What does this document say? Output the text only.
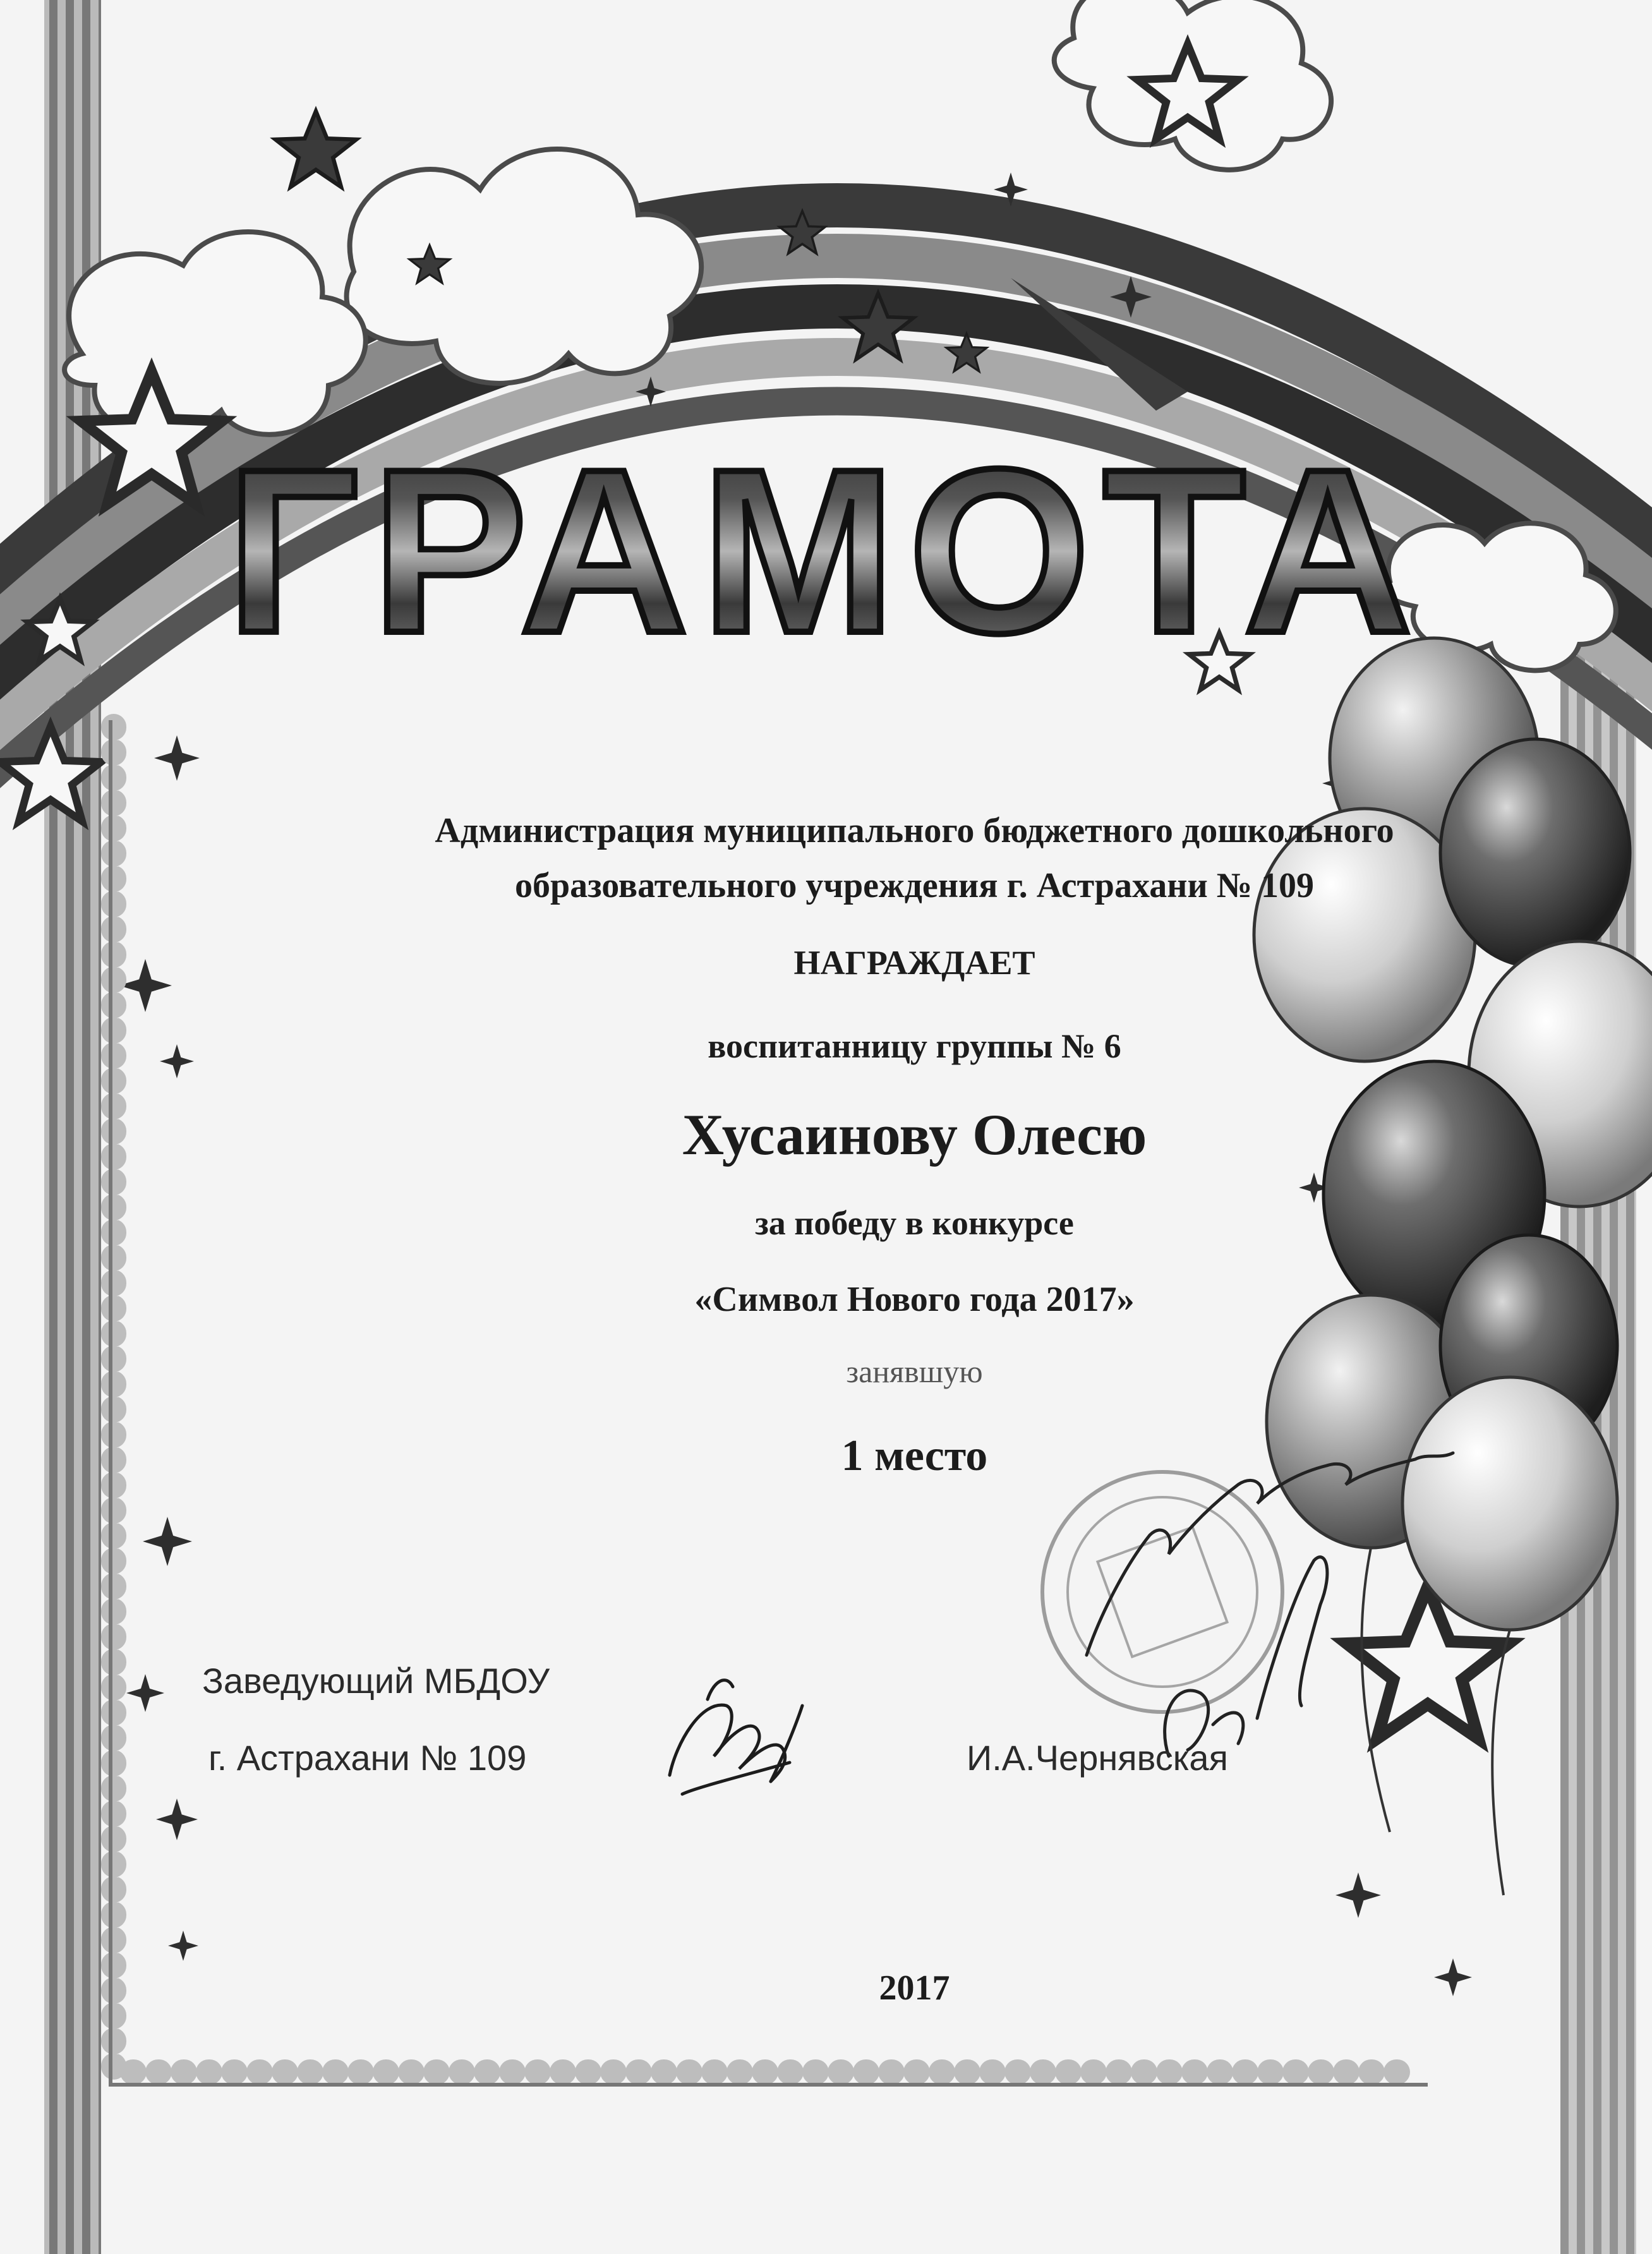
ГРАМОТА
Администрация муниципального бюджетного дошкольного
образовательного учреждения г. Астрахани № 109
НАГРАЖДАЕТ
воспитанницу группы № 6
Хусаинову Олесю
за победу в конкурсе
«Символ Нового года 2017»
занявшую
1 место
Заведующий МБДОУ
г. Астрахани № 109	И.А.Чернявская
2017
